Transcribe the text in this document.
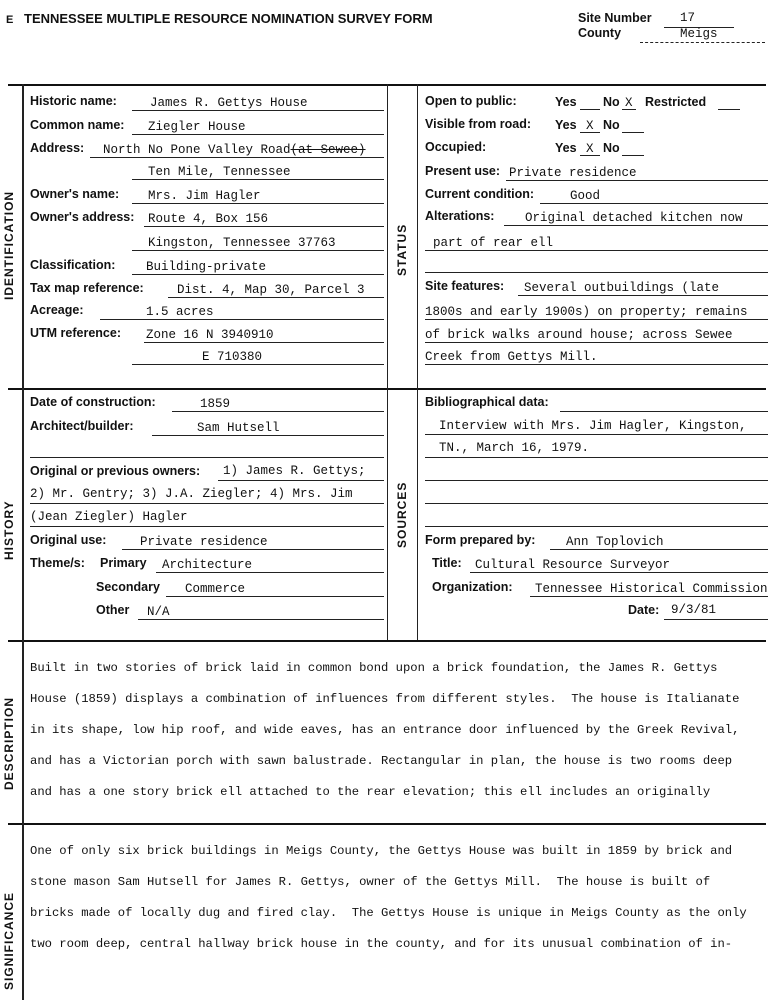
E TENNESSEE MULTIPLE RESOURCE NOMINATION SURVEY FORM	Site Number 17
County	Meigs
IDENTIFICATION	STATUS
HISTORY	SOURCES
DESCRIPTION
SIGNIFICANCE
Historic name:	James R. Gettys House
Common name: Ziegler House
Address: North No Pone Valley Road(at Sewee)
Ten Mile, Tennessee
Owner's name: Mrs. Jim Hagler
Owner's address: Route 4, Box 156
Kingston, Tennessee 37763
Classification: Building-private
Tax map reference:	Dist. 4, Map 30, Parcel 3
Acreage:	1.5 acres
UTM reference: Zone 16 N 3940910
E 710380
Open to public:	Yes No X Restricted
Visible from road: Yes X No
Occupied:	Yes X No
Present use: Private residence
Current condition:	Good
Alterations: Original detached kitchen now
part of rear ell
Site features: Several outbuildings (late
1800s and early 1900s) on property; remains
of brick walks around house; across Sewee
Creek from Gettys Mill.
Date of construction:	1859
Architect/builder:	Sam Hutsell
Original or previous owners: 1) James R. Gettys;
2) Mr. Gentry; 3) J.A. Ziegler; 4) Mrs. Jim
(Jean Ziegler) Hagler
Original use:	Private residence
Theme/s: Primary Architecture
Secondary Commerce
Other N/A
Bibliographical data:
Interview with Mrs. Jim Hagler, Kingston,
TN., March 16, 1979.
Form prepared by: Ann Toplovich
Title: Cultural Resource Surveyor
Organization: Tennessee Historical Commission
Date: 9/3/81

Built in two stories of brick laid in common bond upon a brick foundation, the James R. Gettys

House (1859) displays a combination of influences from different styles.  The house is Italianate

in its shape, low hip roof, and wide eaves, has an entrance door influenced by the Greek Revival,

and has a Victorian porch with sawn balustrade. Rectangular in plan, the house is two rooms deep

and has a one story brick ell attached to the rear elevation; this ell includes an originally

One of only six brick buildings in Meigs County, the Gettys House was built in 1859 by brick and

stone mason Sam Hutsell for James R. Gettys, owner of the Gettys Mill.  The house is built of

bricks made of locally dug and fired clay.  The Gettys House is unique in Meigs County as the only

two room deep, central hallway brick house in the county, and for its unusual combination of in-
